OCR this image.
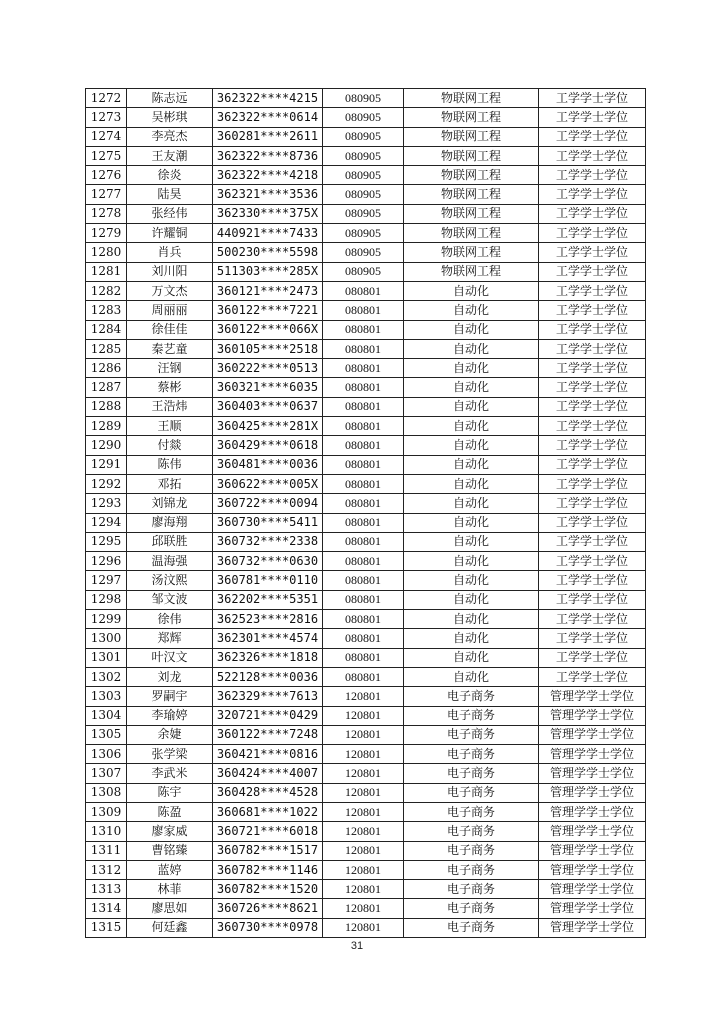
1272	陈志远	362322****4215	080905	物联网工程	工学学士学位
1273	吴彬琪	362322****0614	080905	物联网工程	工学学士学位
1274	李亮杰	360281****2611	080905	物联网工程	工学学士学位
1275	王友潮	362322****8736	080905	物联网工程	工学学士学位
1276	徐炎	362322****4218	080905	物联网工程	工学学士学位
1277	陆昊	362321****3536	080905	物联网工程	工学学士学位
1278	张经伟	362330****375X	080905	物联网工程	工学学士学位
1279	许耀铜	440921****7433	080905	物联网工程	工学学士学位
1280	肖兵	500230****5598	080905	物联网工程	工学学士学位
1281	刘川阳	511303****285X	080905	物联网工程	工学学士学位
1282	万文杰	360121****2473	080801	自动化	工学学士学位
1283	周丽丽	360122****7221	080801	自动化	工学学士学位
1284	徐佳佳	360122****066X	080801	自动化	工学学士学位
1285	秦艺童	360105****2518	080801	自动化	工学学士学位
1286	汪钢	360222****0513	080801	自动化	工学学士学位
1287	蔡彬	360321****6035	080801	自动化	工学学士学位
1288	王浩炜	360403****0637	080801	自动化	工学学士学位
1289	王顺	360425****281X	080801	自动化	工学学士学位
1290	付燚	360429****0618	080801	自动化	工学学士学位
1291	陈伟	360481****0036	080801	自动化	工学学士学位
1292	邓拓	360622****005X	080801	自动化	工学学士学位
1293	刘锦龙	360722****0094	080801	自动化	工学学士学位
1294	廖海翔	360730****5411	080801	自动化	工学学士学位
1295	邱联胜	360732****2338	080801	自动化	工学学士学位
1296	温海强	360732****0630	080801	自动化	工学学士学位
1297	汤汶熙	360781****0110	080801	自动化	工学学士学位
1298	邹文波	362202****5351	080801	自动化	工学学士学位
1299	徐伟	362523****2816	080801	自动化	工学学士学位
1300	郑辉	362301****4574	080801	自动化	工学学士学位
1301	叶汉文	362326****1818	080801	自动化	工学学士学位
1302	刘龙	522128****0036	080801	自动化	工学学士学位
1303	罗嗣宇	362329****7613	120801	电子商务	管理学学士学位
1304	李瑜婷	320721****0429	120801	电子商务	管理学学士学位
1305	余婕	360122****7248	120801	电子商务	管理学学士学位
1306	张学梁	360421****0816	120801	电子商务	管理学学士学位
1307	李武米	360424****4007	120801	电子商务	管理学学士学位
1308	陈宇	360428****4528	120801	电子商务	管理学学士学位
1309	陈盈	360681****1022	120801	电子商务	管理学学士学位
1310	廖家威	360721****6018	120801	电子商务	管理学学士学位
1311	曹铭臻	360782****1517	120801	电子商务	管理学学士学位
1312	蓝婷	360782****1146	120801	电子商务	管理学学士学位
1313	林菲	360782****1520	120801	电子商务	管理学学士学位
1314	廖思如	360726****8621	120801	电子商务	管理学学士学位
1315	何廷鑫	360730****0978	120801	电子商务	管理学学士学位
31
